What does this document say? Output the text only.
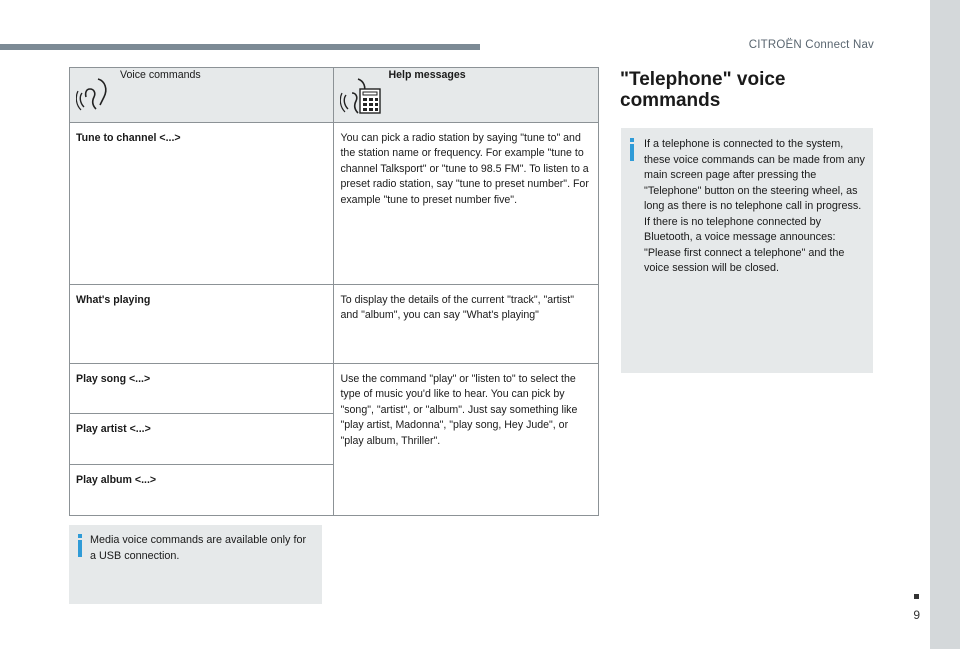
CITROËN Connect Nav
9
Voice commands	Help messages

Tune to channel <...>	You can pick a radio station by saying "tune to" and the station name or frequency. For example "tune to channel Talksport" or "tune to 98.5 FM". To listen to a preset radio station, say "tune to preset number". For example "tune to preset number five".
What's playing	To display the details of the current "track", "artist" and "album", you can say "What's playing"
Play song <...>	Use the command "play" or "listen to" to select the type of music you'd like to hear. You can pick by "song", "artist", or "album". Just say something like "play artist, Madonna", "play song, Hey Jude", or "play album, Thriller".
Play artist <...>	
Play album <...>	

Media voice commands are available only for a USB connection.

"Telephone" voice commands

If a telephone is connected to the system, these voice commands can be made from any main screen page after pressing the "Telephone" button on the steering wheel, as long as there is no telephone call in progress.

If there is no telephone connected by Bluetooth, a voice message announces: "Please first connect a telephone" and the voice session will be closed.
